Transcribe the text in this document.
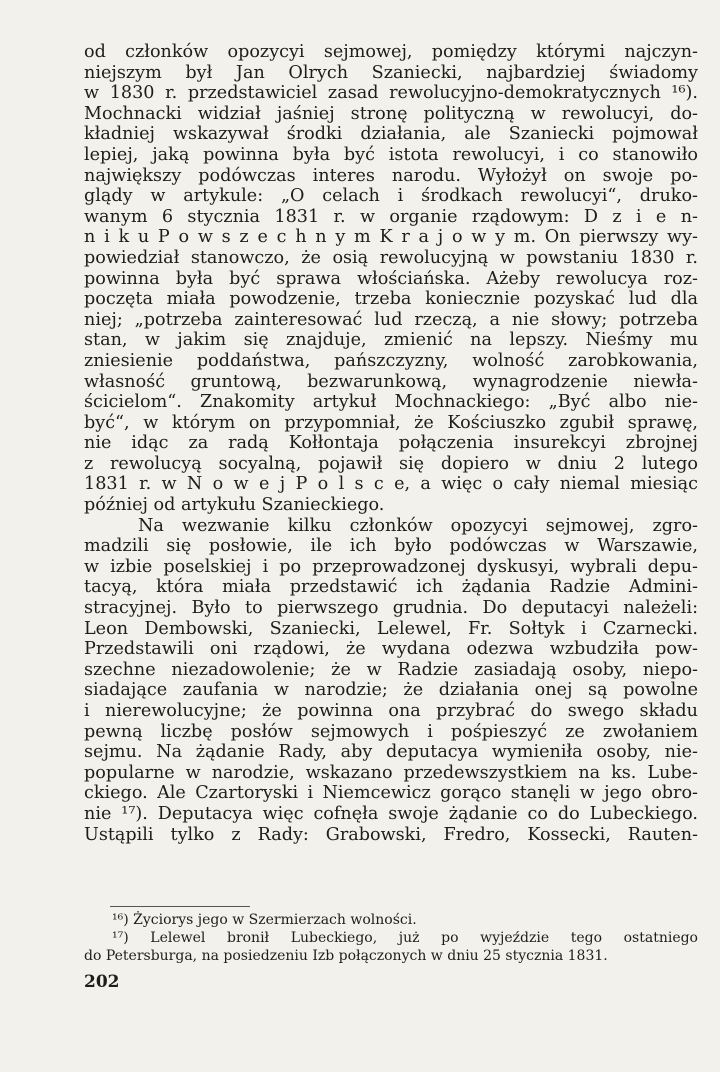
od członków opozycyi sejmowej, pomiędzy którymi najczyn-
niejszym był Jan Olrych Szaniecki, najbardziej świadomy
w 1830 r. przedstawiciel zasad rewolucyjno-demokratycznych ¹⁶).
Mochnacki widział jaśniej stronę polityczną w rewolucyi, do-
kładniej wskazywał środki działania, ale Szaniecki pojmował
lepiej, jaką powinna była być istota rewolucyi, i co stanowiło
największy podówczas interes narodu. Wyłożył on swoje po-
glądy w artykule: „O celach i środkach rewolucyi“, druko-
wanym 6 stycznia 1831 r. w organie rządowym: D z i e n-
n i k u P o w s z e c h n y m K r a j o w y m. On pierwszy wy-
powiedział stanowczo, że osią rewolucyjną w powstaniu 1830 r.
powinna była być sprawa włościańska. Ażeby rewolucya roz-
poczęta miała powodzenie, trzeba koniecznie pozyskać lud dla
niej; „potrzeba zainteresować lud rzeczą, a nie słowy; potrzeba
stan, w jakim się znajduje, zmienić na lepszy. Nieśmy mu
zniesienie poddaństwa, pańszczyzny, wolność zarobkowania,
własność gruntową, bezwarunkową, wynagrodzenie niewła-
ścicielom“. Znakomity artykuł Mochnackiego: „Być albo nie-
być“, w którym on przypomniał, że Kościuszko zgubił sprawę,
nie idąc za radą Kołłontaja połączenia insurekcyi zbrojnej
z rewolucyą socyalną, pojawił się dopiero w dniu 2 lutego
1831 r. w N o w e j P o l s c e, a więc o cały niemal miesiąc
później od artykułu Szanieckiego.
Na wezwanie kilku członków opozycyi sejmowej, zgro-
madzili się posłowie, ile ich było podówczas w Warszawie,
w izbie poselskiej i po przeprowadzonej dyskusyi, wybrali depu-
tacyą, która miała przedstawić ich żądania Radzie Admini-
stracyjnej. Było to pierwszego grudnia. Do deputacyi należeli:
Leon Dembowski, Szaniecki, Lelewel, Fr. Sołtyk i Czarnecki.
Przedstawili oni rządowi, że wydana odezwa wzbudziła pow-
szechne niezadowolenie; że w Radzie zasiadają osoby, niepo-
siadające zaufania w narodzie; że działania onej są powolne
i nierewolucyjne; że powinna ona przybrać do swego składu
pewną liczbę posłów sejmowych i pośpieszyć ze zwołaniem
sejmu. Na żądanie Rady, aby deputacya wymieniła osoby, nie-
popularne w narodzie, wskazano przedewszystkiem na ks. Lube-
ckiego. Ale Czartoryski i Niemcewicz gorąco stanęli w jego obro-
nie ¹⁷). Deputacya więc cofnęła swoje żądanie co do Lubeckiego.
Ustąpili tylko z Rady: Grabowski, Fredro, Kossecki, Rauten-
¹⁶) Życiorys jego w Szermierzach wolności.
¹⁷) Lelewel bronił Lubeckiego, już po wyjeździe tego ostatniego
do Petersburga, na posiedzeniu Izb połączonych w dniu 25 stycznia 1831.
202
